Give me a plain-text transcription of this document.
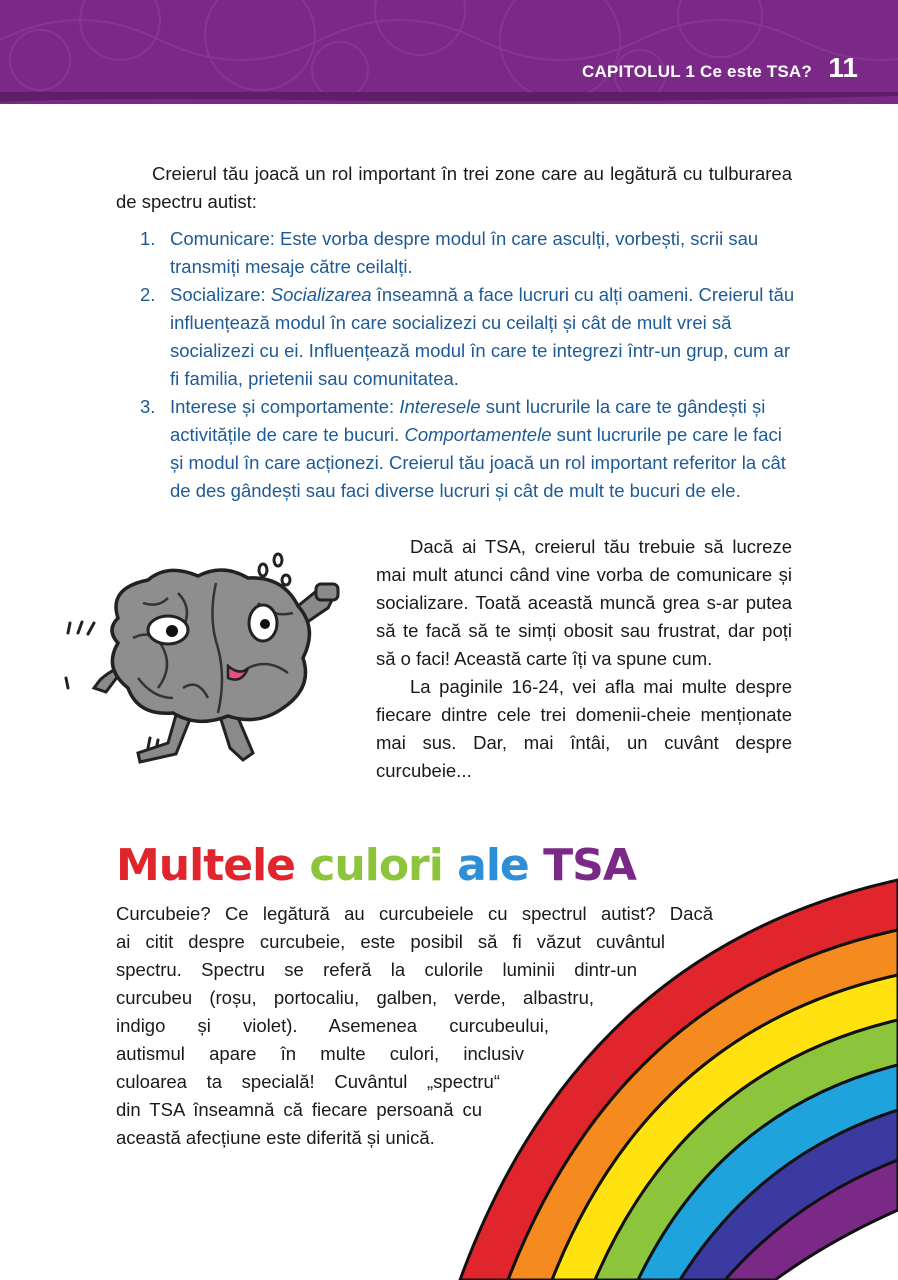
CAPITOLUL 1 Ce este TSA? 11

Creierul tău joacă un rol important în trei zone care au legătură cu tulburarea de spectru autist:

1. Comunicare: Este vorba despre modul în care asculți, vorbești, scrii sau transmiți mesaje către ceilalți.
2. Socializare: Socializarea înseamnă a face lucruri cu alți oameni. Creierul tău influențează modul în care socializezi cu ceilalți și cât de mult vrei să socializezi cu ei. Influențează modul în care te integrezi într-un grup, cum ar fi familia, prietenii sau comunitatea.
3. Interese și comportamente: Interesele sunt lucrurile la care te gândești și activitățile de care te bucuri. Comportamentele sunt lucrurile pe care le faci și modul în care acționezi. Creierul tău joacă un rol important referitor la cât de des gândești sau faci diverse lucruri și cât de mult te bucuri de ele.

Dacă ai TSA, creierul tău trebuie să lucreze mai mult atunci când vine vorba de comunicare și socializare. Toată această muncă grea s-ar putea să te facă să te simți obosit sau frustrat, dar poți să o faci! Această carte îți va spune cum.

La paginile 16-24, vei afla mai multe despre fiecare dintre cele trei domenii-cheie menționate mai sus. Dar, mai întâi, un cuvânt despre curcubeie...

Multele culori ale TSA
Curcubeie? Ce legătură au curcubeiele cu spectrul autist? Dacă
ai citit despre curcubeie, este posibil să fi văzut cuvântul
spectru. Spectru se referă la culorile luminii dintr-un
curcubeu (roșu, portocaliu, galben, verde, albastru,
indigo și violet). Asemenea curcubeului,
autismul apare în multe culori, inclusiv
culoarea ta specială! Cuvântul „spectru“
din TSA înseamnă că fiecare persoană cu
această afecțiune este diferită și unică.
